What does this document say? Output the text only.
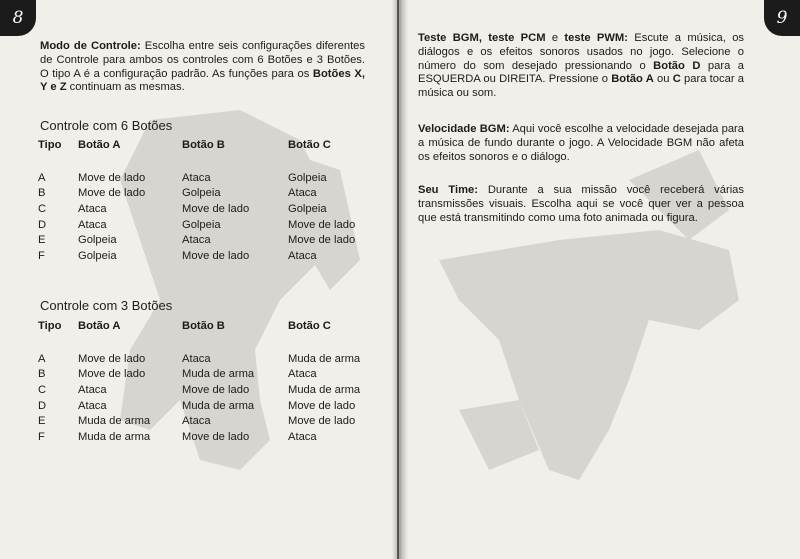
8
Modo de Controle: Escolha entre seis configurações diferentes de Controle para ambos os controles com 6 Botões e 3 Botões. O tipo A é a configuração padrão. As funções para os Botões X, Y e Z continuam as mesmas.
Controle com 6 Botões
Tipo	Botão A	Botão B	Botão C

A	Move de lado	Ataca	Golpeia
B	Move de lado	Golpeia	Ataca
C	Ataca	Move de lado	Golpeia
D	Ataca	Golpeia	Move de lado
E	Golpeia	Ataca	Move de lado
F	Golpeia	Move de lado	Ataca
Controle com 3 Botões
Tipo	Botão A	Botão B	Botão C

A	Move de lado	Ataca	Muda de arma
B	Move de lado	Muda de arma	Ataca
C	Ataca	Move de lado	Muda de arma
D	Ataca	Muda de arma	Move de lado
E	Muda de arma	Ataca	Move de lado
F	Muda de arma	Move de lado	Ataca
9
Teste BGM, teste PCM e teste PWM: Escute a música, os diálogos e os efeitos sonoros usados no jogo. Selecione o número do som desejado pressionando o Botão D para a ESQUERDA ou DIREITA. Pressione o Botão A ou C para tocar a música ou som.
Velocidade BGM: Aqui você escolhe a velocidade desejada para a música de fundo durante o jogo. A Velocidade BGM não afeta os efeitos sonoros e o diálogo.
Seu Time: Durante a sua missão você receberá várias transmissões visuais. Escolha aqui se você quer ver a pessoa que está transmitindo como uma foto animada ou figura.
